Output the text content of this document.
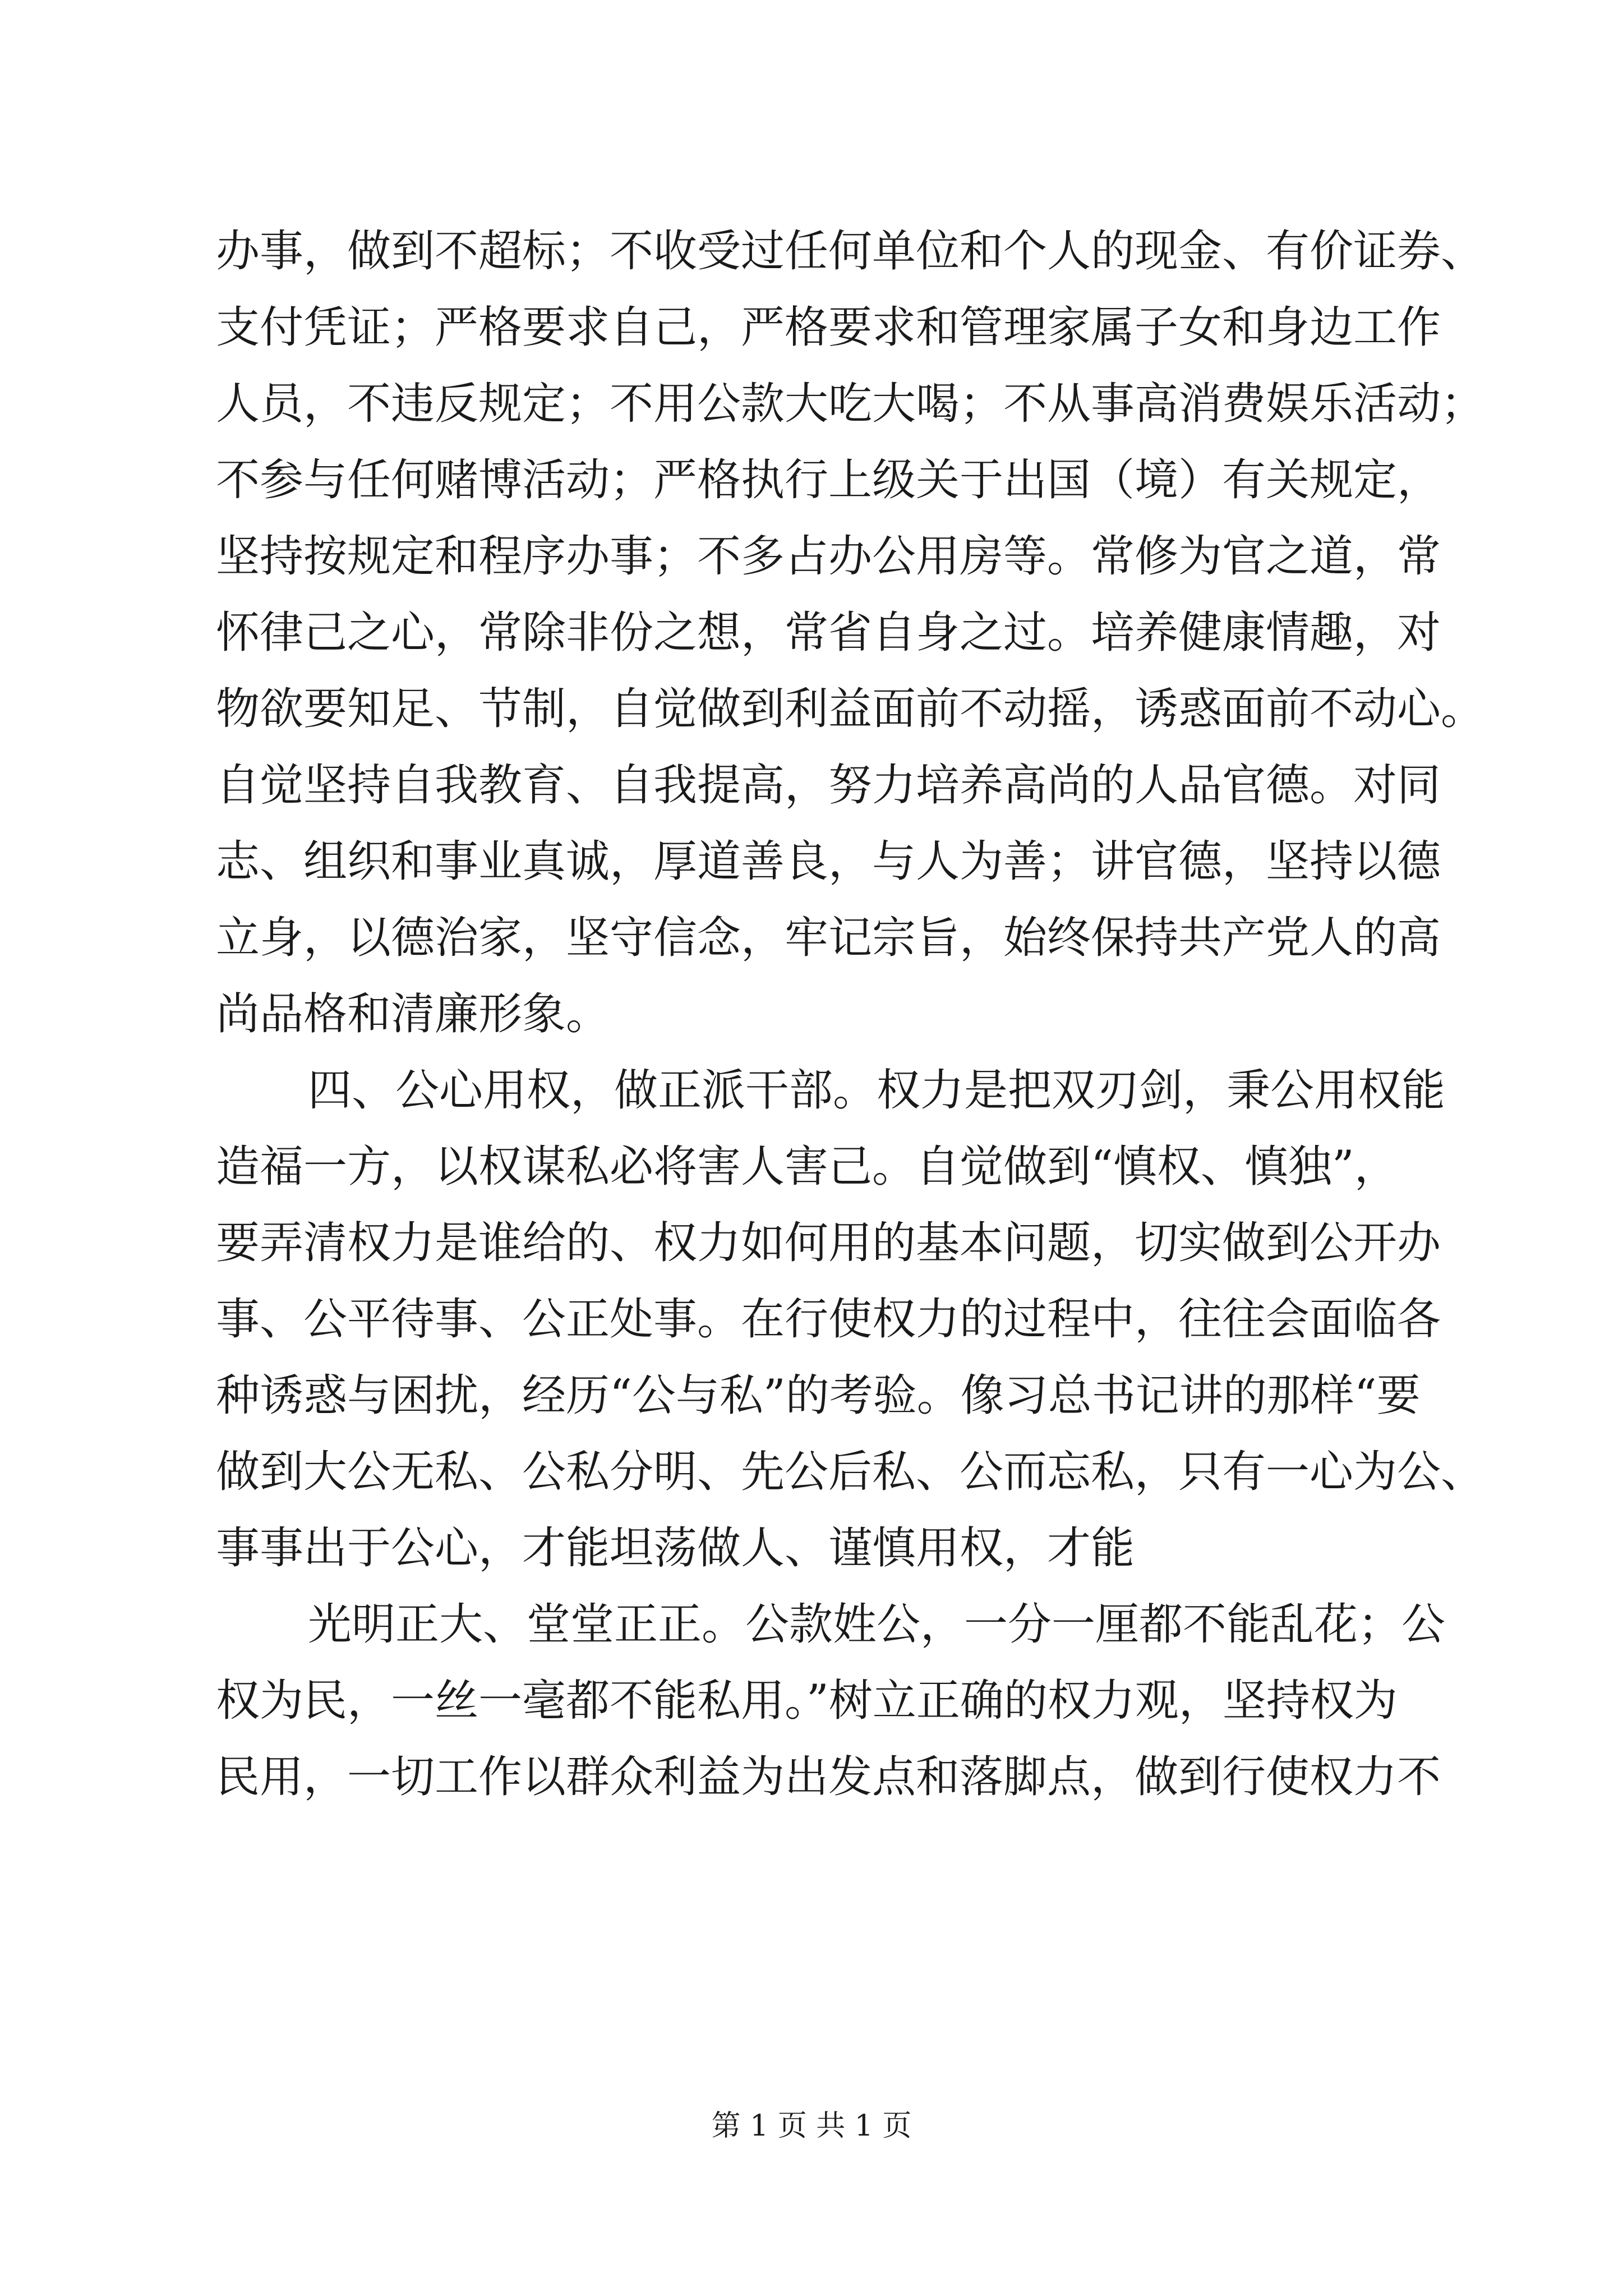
办事，做到不超标；不收受过任何单位和个人的现金、有价证券、
支付凭证；严格要求自己，严格要求和管理家属子女和身边工作
人员，不违反规定；不用公款大吃大喝；不从事高消费娱乐活动；
不参与任何赌博活动；严格执行上级关于出国（境）有关规定，
坚持按规定和程序办事；不多占办公用房等。常修为官之道，常
怀律己之心，常除非份之想，常省自身之过。培养健康情趣，对
物欲要知足、节制，自觉做到利益面前不动摇，诱惑面前不动心。
自觉坚持自我教育、自我提高，努力培养高尚的人品官德。对同
志、组织和事业真诚，厚道善良，与人为善；讲官德，坚持以德
立身，以德治家，坚守信念，牢记宗旨，始终保持共产党人的高
尚品格和清廉形象。
四、公心用权，做正派干部。权力是把双刃剑，秉公用权能
造福一方，以权谋私必将害人害己。自觉做到“慎权、慎独”，
要弄清权力是谁给的、权力如何用的基本问题，切实做到公开办
事、公平待事、公正处事。在行使权力的过程中，往往会面临各
种诱惑与困扰，经历“公与私”的考验。像习总书记讲的那样“要
做到大公无私、公私分明、先公后私、公而忘私，只有一心为公、
事事出于公心，才能坦荡做人、谨慎用权，才能
光明正大、堂堂正正。公款姓公，一分一厘都不能乱花；公
权为民，一丝一毫都不能私用。”树立正确的权力观，坚持权为
民用，一切工作以群众利益为出发点和落脚点，做到行使权力不
第 1 页 共 1 页
